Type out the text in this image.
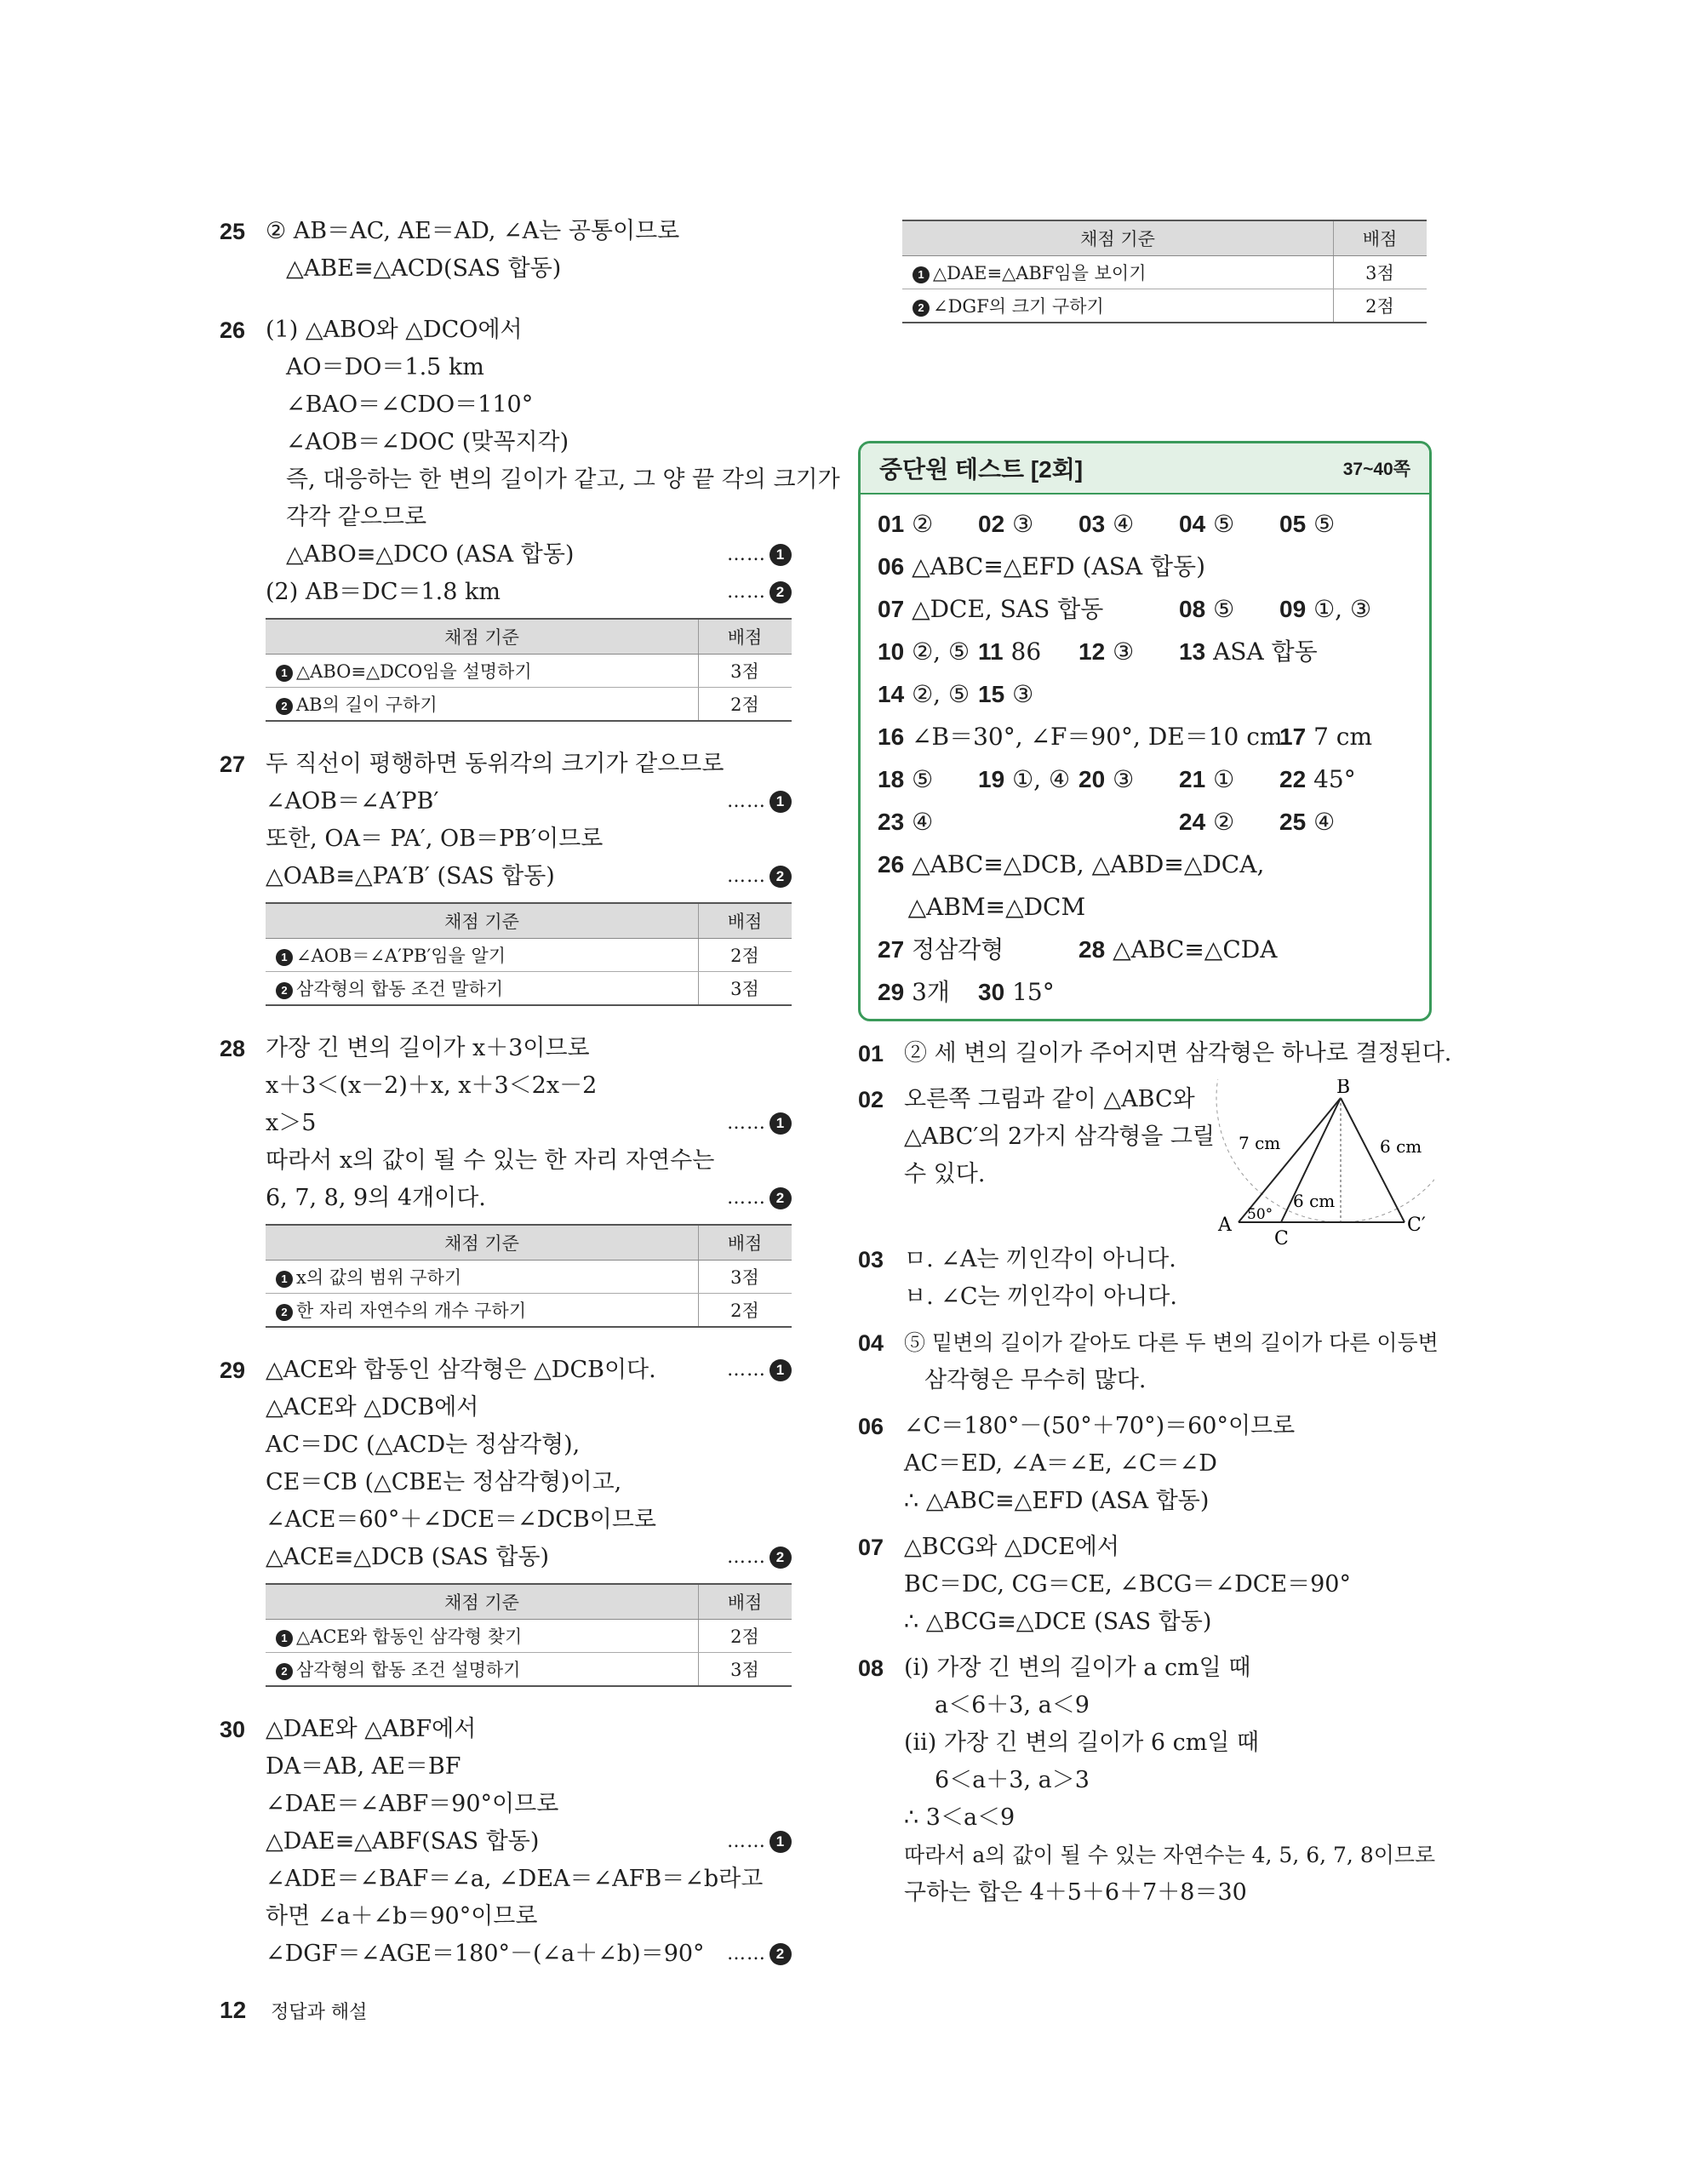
25 ② AB＝AC, AE＝AD, ∠A는 공통이므로
△ABE≡△ACD(SAS 합동)
26 (1) △ABO와 △DCO에서
AO＝DO＝1.5 km
∠BAO＝∠CDO＝110°
∠AOB＝∠DOC (맞꼭지각)
즉, 대응하는 한 변의 길이가 같고, 그 양 끝 각의 크기가
각각 같으므로
△ABO≡△DCO (ASA 합동)	…… 1
(2) AB＝DC＝1.8 km	…… 2
채점 기준	배점
1 △ABO≡△DCO임을 설명하기	3점
2 AB의 길이 구하기	2점
27 두 직선이 평행하면 동위각의 크기가 같으므로
∠AOB＝∠A′PB′	…… 1
또한, OA＝ PA′, OB＝PB′이므로
△OAB≡△PA′B′ (SAS 합동)	…… 2
채점 기준	배점
1 ∠AOB＝∠A′PB′임을 알기	2점
2 삼각형의 합동 조건 말하기	3점
28 가장 긴 변의 길이가 x＋3이므로
x＋3＜(x－2)＋x, x＋3＜2x－2
x＞5	…… 1
따라서 x의 값이 될 수 있는 한 자리 자연수는
6, 7, 8, 9의 4개이다.	…… 2
채점 기준	배점
1 x의 값의 범위 구하기	3점
2 한 자리 자연수의 개수 구하기	2점
29 △ACE와 합동인 삼각형은 △DCB이다.	…… 1
△ACE와 △DCB에서
AC＝DC (△ACD는 정삼각형),
CE＝CB (△CBE는 정삼각형)이고,
∠ACE＝60°＋∠DCE＝∠DCB이므로
△ACE≡△DCB (SAS 합동)	…… 2
채점 기준	배점
1 △ACE와 합동인 삼각형 찾기	2점
2 삼각형의 합동 조건 설명하기	3점
30 △DAE와 △ABF에서
DA＝AB, AE＝BF
∠DAE＝∠ABF＝90°이므로
△DAE≡△ABF(SAS 합동)	…… 1
∠ADE＝∠BAF＝∠a, ∠DEA＝∠AFB＝∠b라고
하면 ∠a＋∠b＝90°이므로
∠DGF＝∠AGE＝180°－(∠a＋∠b)＝90° …… 2
채점 기준	배점
1 △DAE≡△ABF임을 보이기	3점
2 ∠DGF의 크기 구하기	2점
중단원 테스트 [2회]	37~40쪽
01 ② 02 ③ 03 ④ 04 ⑤ 05 ⑤
06 △ABC≡△EFD (ASA 합동)
07 △DCE, SAS 합동	08 ⑤ 09 ①, ③
10 ②, ⑤ 11 86 12 ③ 13 ASA 합동
14 ②, ⑤ 15 ③
16 ∠B＝30°, ∠F＝90°, DE＝10 cm
17 7 cm
18 ⑤ 19 ①, ④ 20 ③ 21 ① 22 45°
23 ④	24 ② 25 ④
26 △ABC≡△DCB, △ABD≡△DCA,
△ABM≡△DCM
27 정삼각형	28 △ABC≡△CDA
29 3개 30 15°
01 ② 세 변의 길이가 주어지면 삼각형은 하나로 결정된다.
02 오른쪽 그림과 같이 △ABC와
△ABC′의 2가지 삼각형을 그릴
수 있다.
03 ㅁ. ∠A는 끼인각이 아니다.
ㅂ. ∠C는 끼인각이 아니다.
04 ⑤ 밑변의 길이가 같아도 다른 두 변의 길이가 다른 이등변
삼각형은 무수히 많다.
06 ∠C＝180°－(50°＋70°)＝60°이므로
AC＝ED, ∠A＝∠E, ∠C＝∠D
∴ △ABC≡△EFD (ASA 합동)
07 △BCG와 △DCE에서
BC＝DC, CG＝CE, ∠BCG＝∠DCE＝90°
∴ △BCG≡△DCE (SAS 합동)
08 (ⅰ) 가장 긴 변의 길이가 a cm일 때
a＜6＋3, a＜9
(ⅱ) 가장 긴 변의 길이가 6 cm일 때
6＜a＋3, a＞3
∴ 3＜a＜9
따라서 a의 값이 될 수 있는 자연수는 4, 5, 6, 7, 8이므로
구하는 합은 4＋5＋6＋7＋8＝30
B
A
C
C′
7 cm	6 cm
6 cm
50°
12 정답과 해설
